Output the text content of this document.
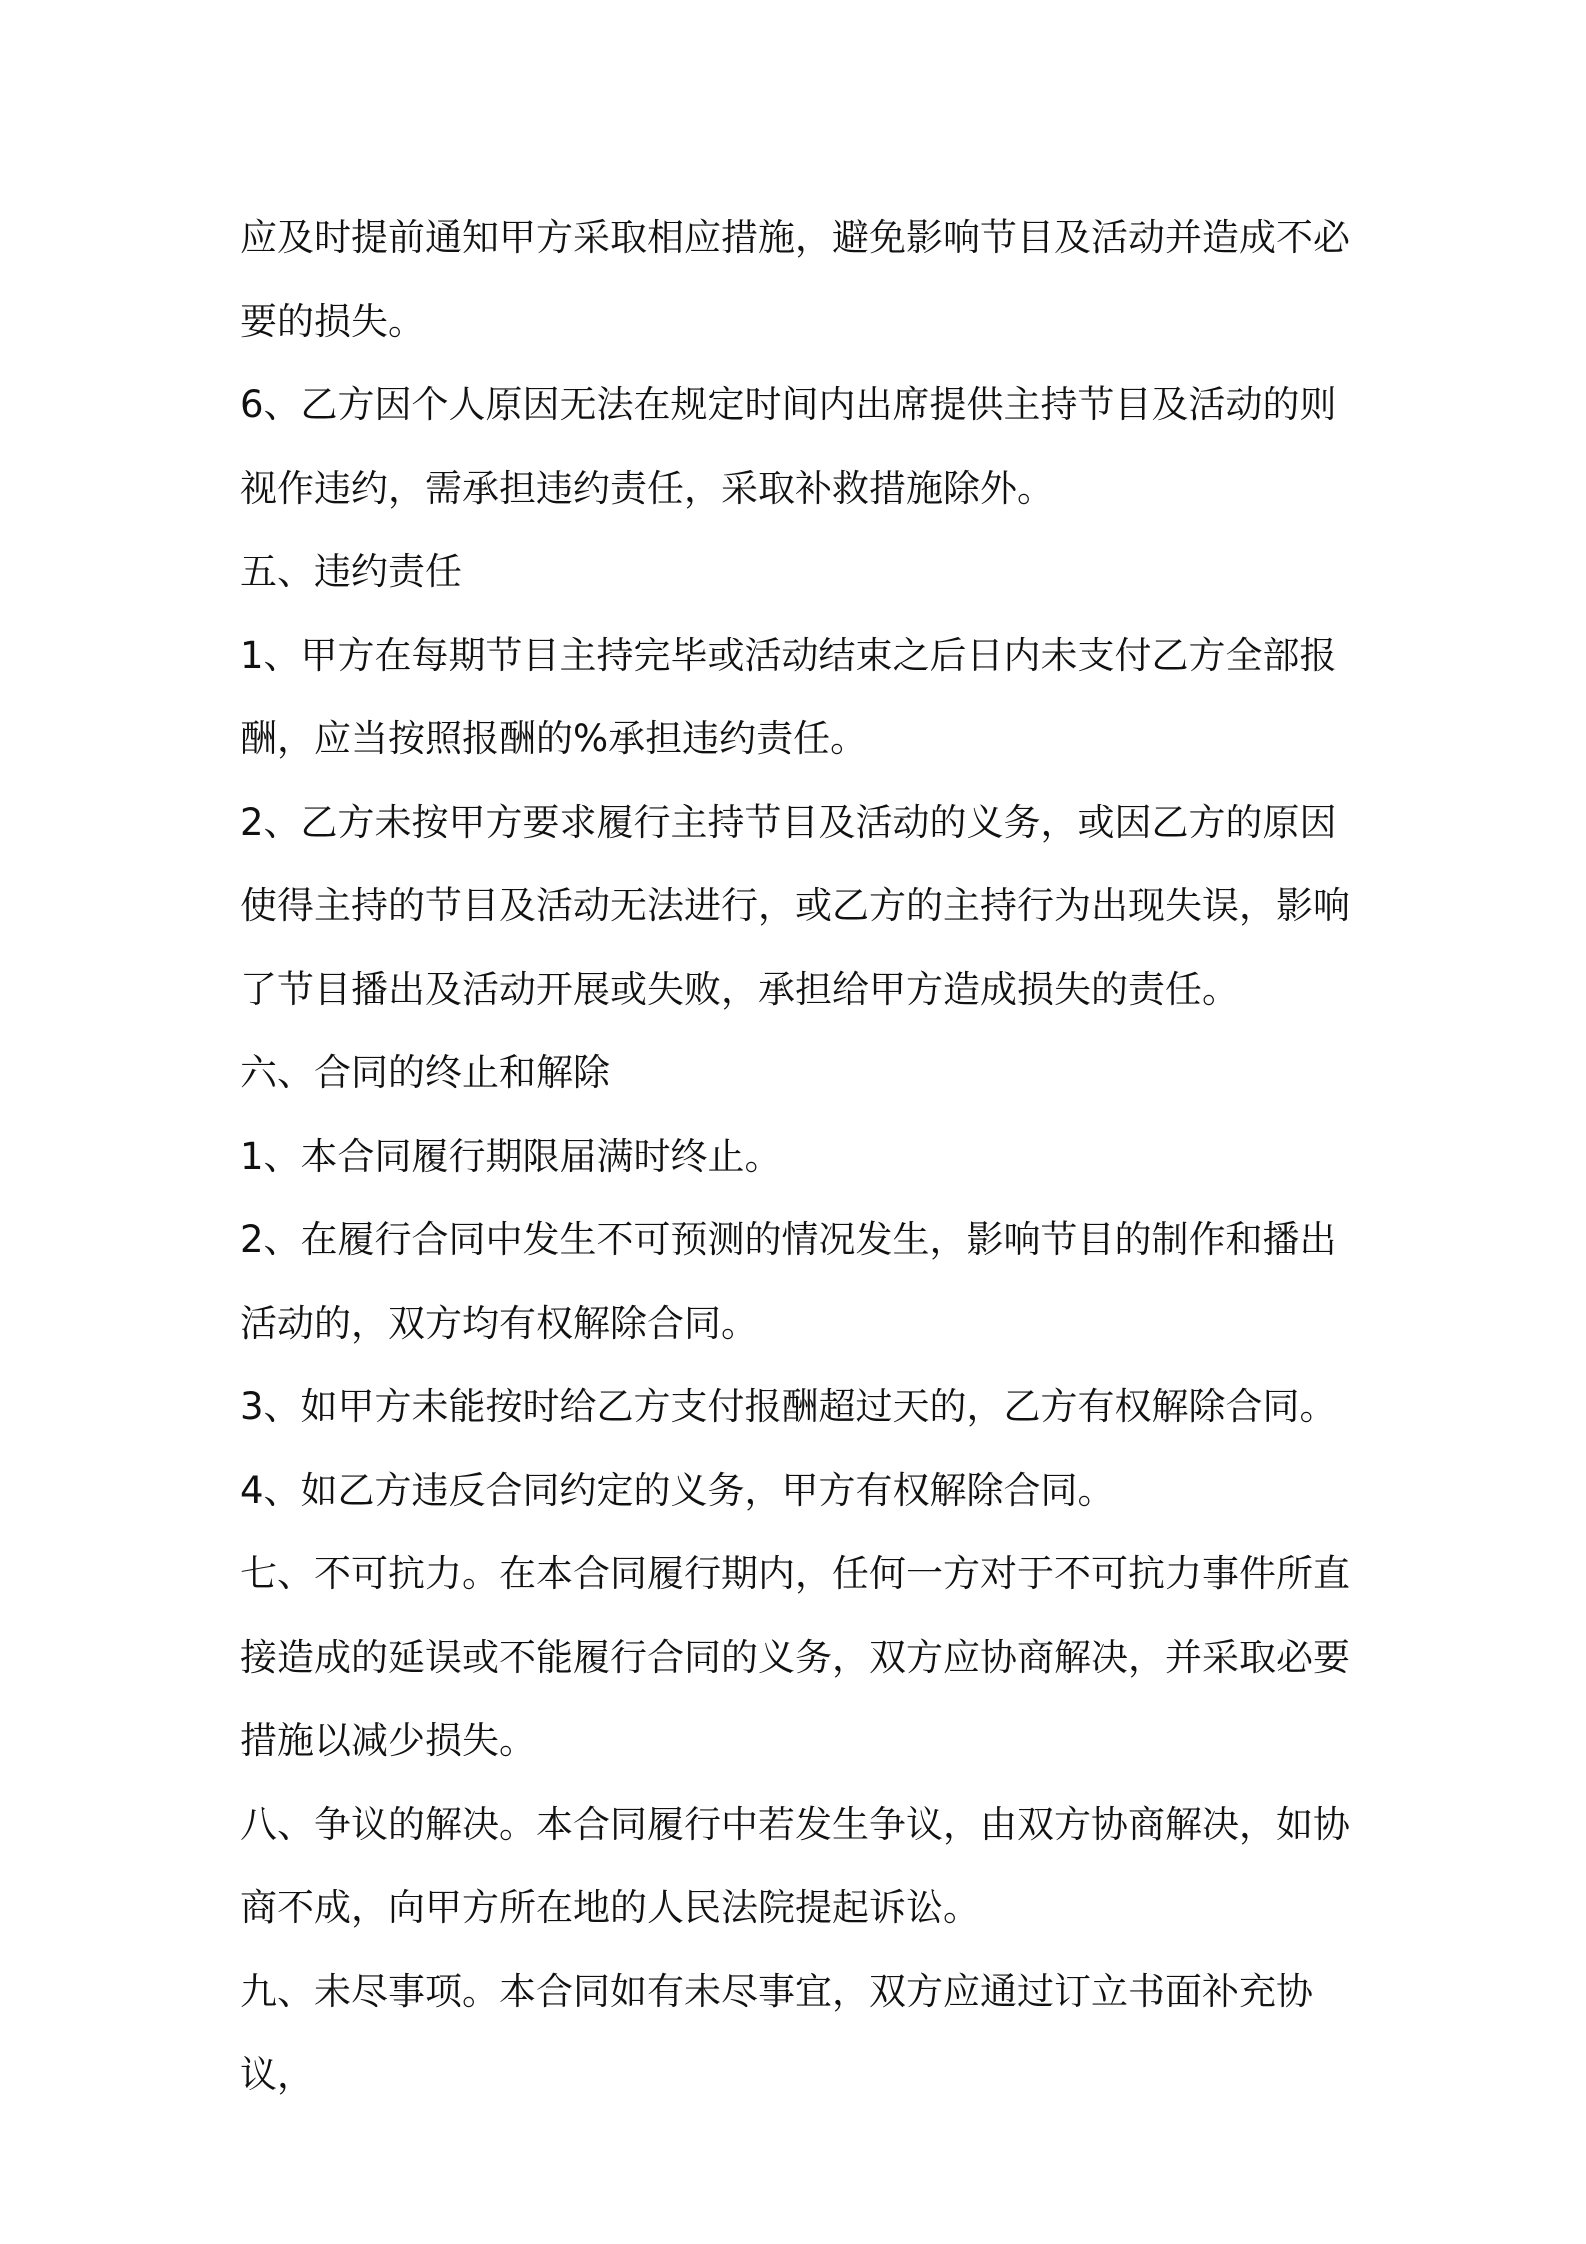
应及时提前通知甲方采取相应措施，避免影响节目及活动并造成不必要的损失。

6、乙方因个人原因无法在规定时间内出席提供主持节目及活动的则视作违约，需承担违约责任，采取补救措施除外。

五、违约责任

1、甲方在每期节目主持完毕或活动结束之后日内未支付乙方全部报酬，应当按照报酬的%承担违约责任。

2、乙方未按甲方要求履行主持节目及活动的义务，或因乙方的原因使得主持的节目及活动无法进行，或乙方的主持行为出现失误，影响了节目播出及活动开展或失败，承担给甲方造成损失的责任。

六、合同的终止和解除

1、本合同履行期限届满时终止。

2、在履行合同中发生不可预测的情况发生，影响节目的制作和播出活动的，双方均有权解除合同。

3、如甲方未能按时给乙方支付报酬超过天的，乙方有权解除合同。

4、如乙方违反合同约定的义务，甲方有权解除合同。

七、不可抗力。在本合同履行期内，任何一方对于不可抗力事件所直接造成的延误或不能履行合同的义务，双方应协商解决，并采取必要措施以减少损失。

八、争议的解决。本合同履行中若发生争议，由双方协商解决，如协商不成，向甲方所在地的人民法院提起诉讼。

九、未尽事项。本合同如有未尽事宜，双方应通过订立书面补充协议，
